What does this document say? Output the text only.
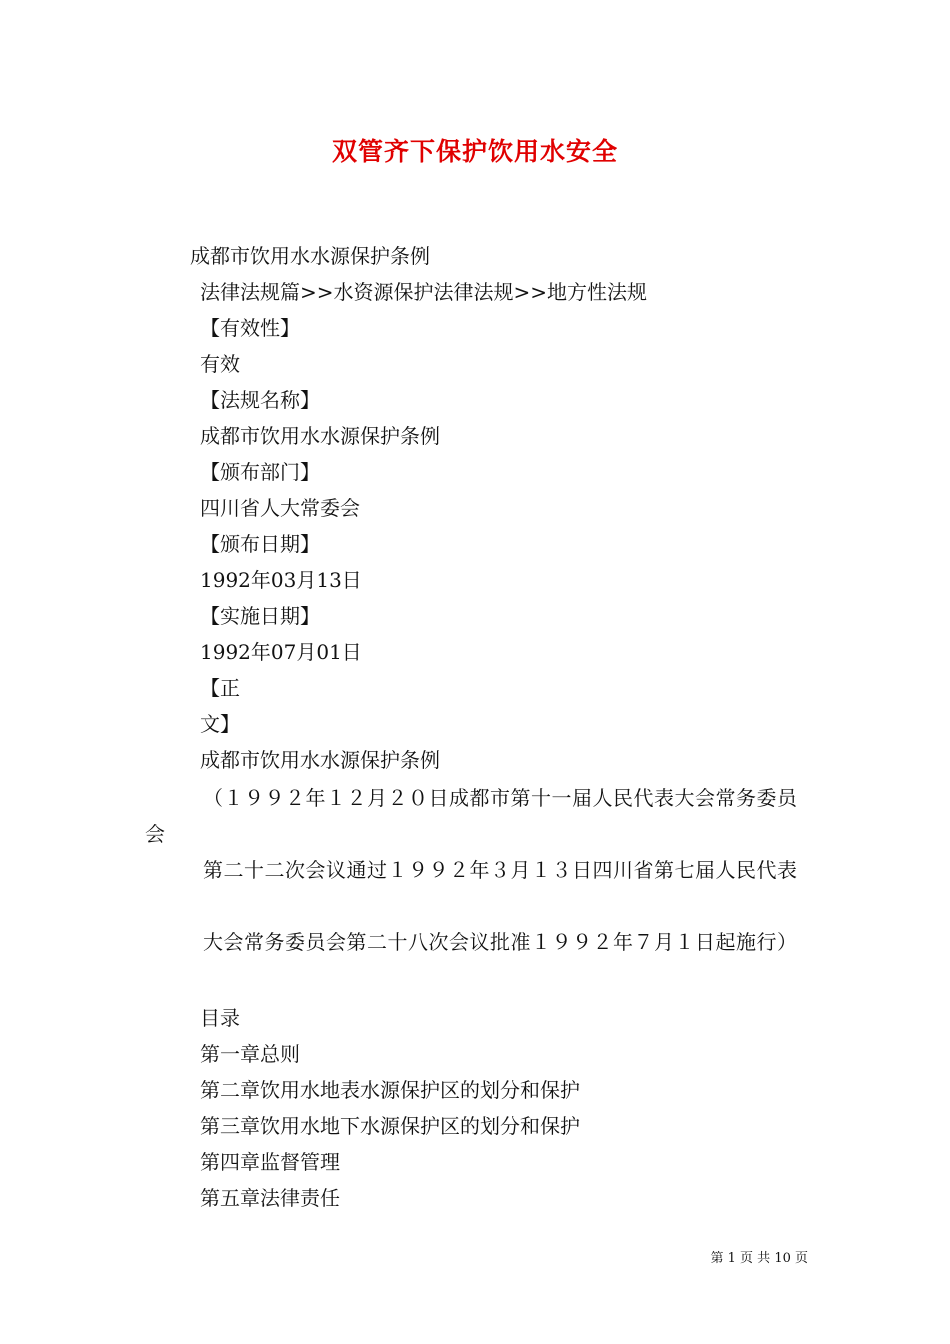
双管齐下保护饮用水安全
成都市饮用水水源保护条例
法律法规篇>>水资源保护法律法规>>地方性法规
【有效性】
有效
【法规名称】
成都市饮用水水源保护条例
【颁布部门】
四川省人大常委会
【颁布日期】
1992年03月13日
【实施日期】
1992年07月01日
【正
文】
成都市饮用水水源保护条例
（１９９２年１２月２０日成都市第十一届人民代表大会常务委员会
第二十二次会议通过１９９２年３月１３日四川省第七届人民代表
大会常务委员会第二十八次会议批准１９９２年７月１日起施行）
目录
第一章总则
第二章饮用水地表水源保护区的划分和保护
第三章饮用水地下水源保护区的划分和保护
第四章监督管理
第五章法律责任
第 1 页 共 10 页
